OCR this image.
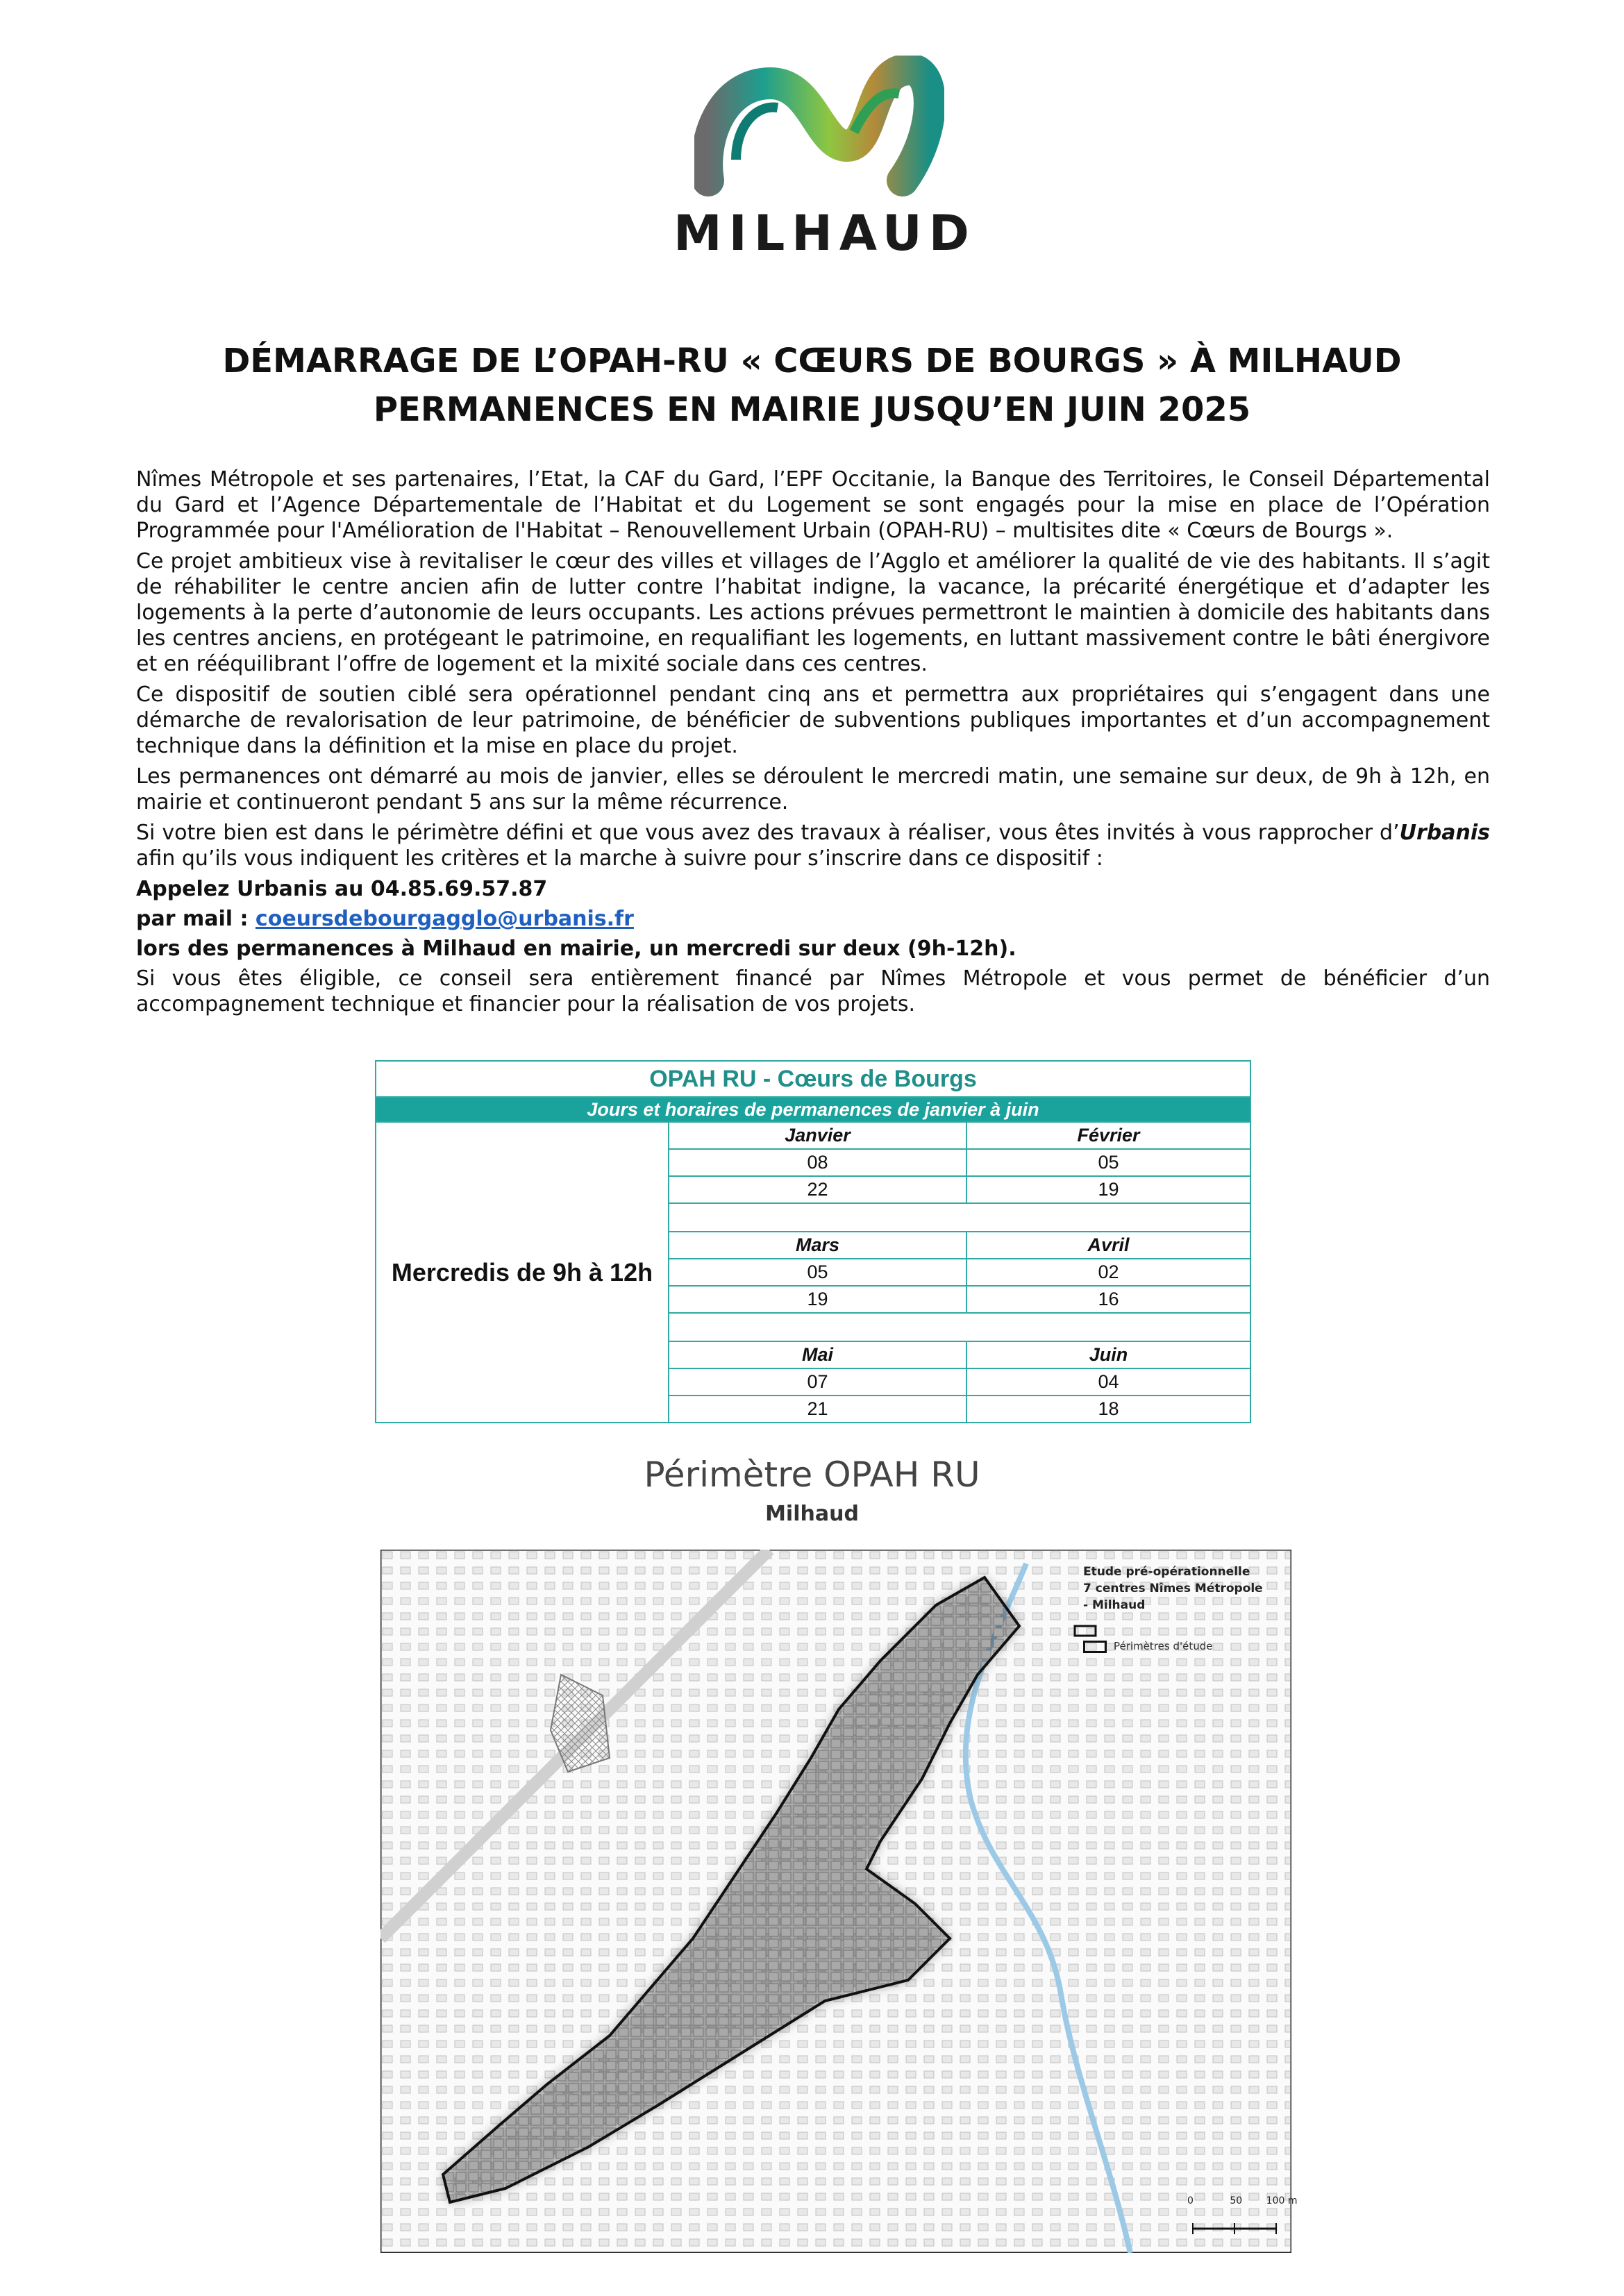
MILHAUD
DÉMARRAGE DE L’OPAH-RU « CŒURS DE BOURGS » À MILHAUD
PERMANENCES EN MAIRIE JUSQU’EN JUIN 2025

Nîmes Métropole et ses partenaires, l’Etat, la CAF du Gard, l’EPF Occitanie, la Banque des Territoires, le Conseil Départemental du Gard et l’Agence Départementale de l’Habitat et du Logement se sont engagés pour la mise en place de l’Opération Programmée pour l'Amélioration de l'Habitat – Renouvellement Urbain (OPAH-RU) – multisites dite « Cœurs de Bourgs ».

Ce projet ambitieux vise à revitaliser le cœur des villes et villages de l’Agglo et améliorer la qualité de vie des habitants. Il s’agit de réhabiliter le centre ancien afin de lutter contre l’habitat indigne, la vacance, la précarité énergétique et d’adapter les logements à la perte d’autonomie de leurs occupants. Les actions prévues permettront le maintien à domicile des habitants dans les centres anciens, en protégeant le patrimoine, en requalifiant les logements, en luttant massivement contre le bâti énergivore et en rééquilibrant l’offre de logement et la mixité sociale dans ces centres.

Ce dispositif de soutien ciblé sera opérationnel pendant cinq ans et permettra aux propriétaires qui s’engagent dans une démarche de revalorisation de leur patrimoine, de bénéficier de subventions publiques importantes et d’un accompagnement technique dans la définition et la mise en place du projet.

Les permanences ont démarré au mois de janvier, elles se déroulent le mercredi matin, une semaine sur deux, de 9h à 12h, en mairie et continueront pendant 5 ans sur la même récurrence.

Si votre bien est dans le périmètre défini et que vous avez des travaux à réaliser, vous êtes invités à vous rapprocher d’Urbanis afin qu’ils vous indiquent les critères et la marche à suivre pour s’inscrire dans ce dispositif :

Appelez Urbanis au 04.85.69.57.87

par mail : coeursdebourgagglo@urbanis.fr

lors des permanences à Milhaud en mairie, un mercredi sur deux (9h-12h).

Si vous êtes éligible, ce conseil sera entièrement financé par Nîmes Métropole et vous permet de bénéficier d’un accompagnement technique et financier pour la réalisation de vos projets.

OPAH RU - Cœurs de Bourgs		
Jours et horaires de permanences de janvier à juin		
Mercredis de 9h à 12h	Janvier	Février
	08	05
	22	19

	Mars	Avril
	05	02
	19	16

	Mai	Juin
	07	04
	21	18
Périmètre OPAH RU
Milhaud
Etude pré-opérationnelle
7 centres Nîmes Métropole
- Milhaud
Périmètres d'étude
0	50 100 m
